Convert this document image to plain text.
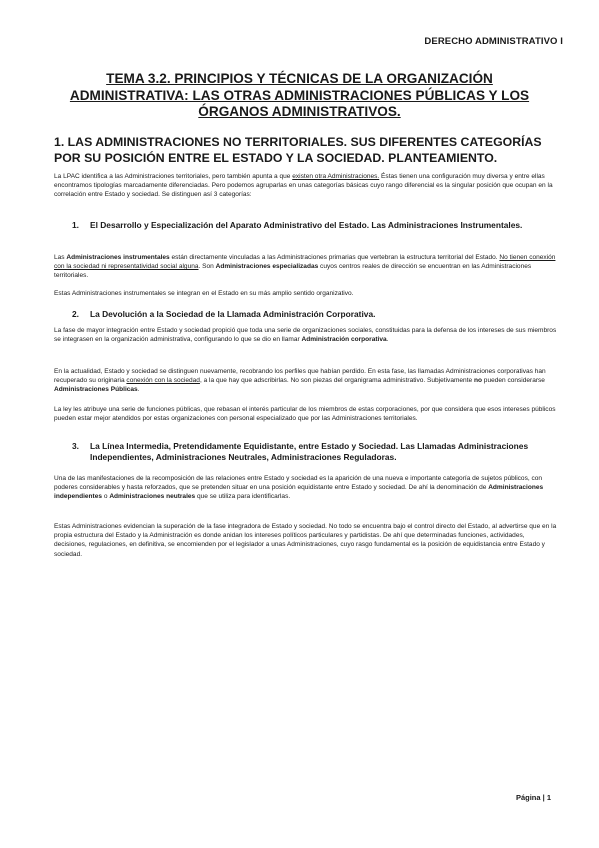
DERECHO ADMINISTRATIVO I
TEMA 3.2. PRINCIPIOS Y TÉCNICAS DE LA ORGANIZACIÓN ADMINISTRATIVA: LAS OTRAS ADMINISTRACIONES PÚBLICAS Y LOS ÓRGANOS ADMINISTRATIVOS.
1. LAS ADMINISTRACIONES NO TERRITORIALES. SUS DIFERENTES CATEGORÍAS POR SU POSICIÓN ENTRE EL ESTADO Y LA SOCIEDAD. PLANTEAMIENTO.

La LPAC identifica a las Administraciones territoriales, pero también apunta a que existen otra Administraciones. Éstas tienen una configuración muy diversa y entre ellas encontramos tipologías marcadamente diferenciadas. Pero podemos agruparlas en unas categorías básicas cuyo rango diferencial es la singular posición que ocupan en la correlación entre Estado y sociedad. Se distinguen así 3 categorías:

1.	El Desarrollo y Especialización del Aparato Administrativo del Estado. Las Administraciones Instrumentales.

Las Administraciones instrumentales están directamente vinculadas a las Administraciones primarias que vertebran la estructura territorial del Estado. No tienen conexión con la sociedad ni representatividad social alguna. Son Administraciones especializadas cuyos centros reales de dirección se encuentran en las Administraciones territoriales.

Estas Administraciones instrumentales se integran en el Estado en su más amplio sentido organizativo.

2.	La Devolución a la Sociedad de la Llamada Administración Corporativa.

La fase de mayor integración entre Estado y sociedad propició que toda una serie de organizaciones sociales, constituidas para la defensa de los intereses de sus miembros se integrasen en la organización administrativa, configurando lo que se dio en llamar Administración corporativa.

En la actualidad, Estado y sociedad se distinguen nuevamente, recobrando los perfiles que habían perdido. En esta fase, las llamadas Administraciones corporativas han recuperado su originaria conexión con la sociedad, a la que hay que adscribirlas. No son piezas del organigrama administrativo. Subjetivamente no pueden considerarse Administraciones Públicas.

La ley les atribuye una serie de funciones públicas, que rebasan el interés particular de los miembros de estas corporaciones, por que considera que esos intereses públicos pueden estar mejor atendidos por estas organizaciones con personal especializado que por las Administraciones territoriales.

3.	La Línea Intermedia, Pretendidamente Equidistante, entre Estado y Sociedad. Las Llamadas Administraciones Independientes, Administraciones Neutrales, Administraciones Reguladoras.

Una de las manifestaciones de la recomposición de las relaciones entre Estado y sociedad es la aparición de una nueva e importante categoría de sujetos públicos, con poderes considerables y hasta reforzados, que se pretenden situar en una posición equidistante entre Estado y sociedad. De ahí la denominación de Administraciones independientes o Administraciones neutrales que se utiliza para identificarlas.

Estas Administraciones evidencian la superación de la fase integradora de Estado y sociedad. No todo se encuentra bajo el control directo del Estado, al advertirse que en la propia estructura del Estado y la Administración es donde anidan los intereses políticos particulares y partidistas. De ahí que determinadas funciones, actividades, decisiones, regulaciones, en definitiva, se encomienden por el legislador a unas Administraciones, cuyo rasgo fundamental es la posición de equidistancia entre Estado y sociedad.

Página | 1
